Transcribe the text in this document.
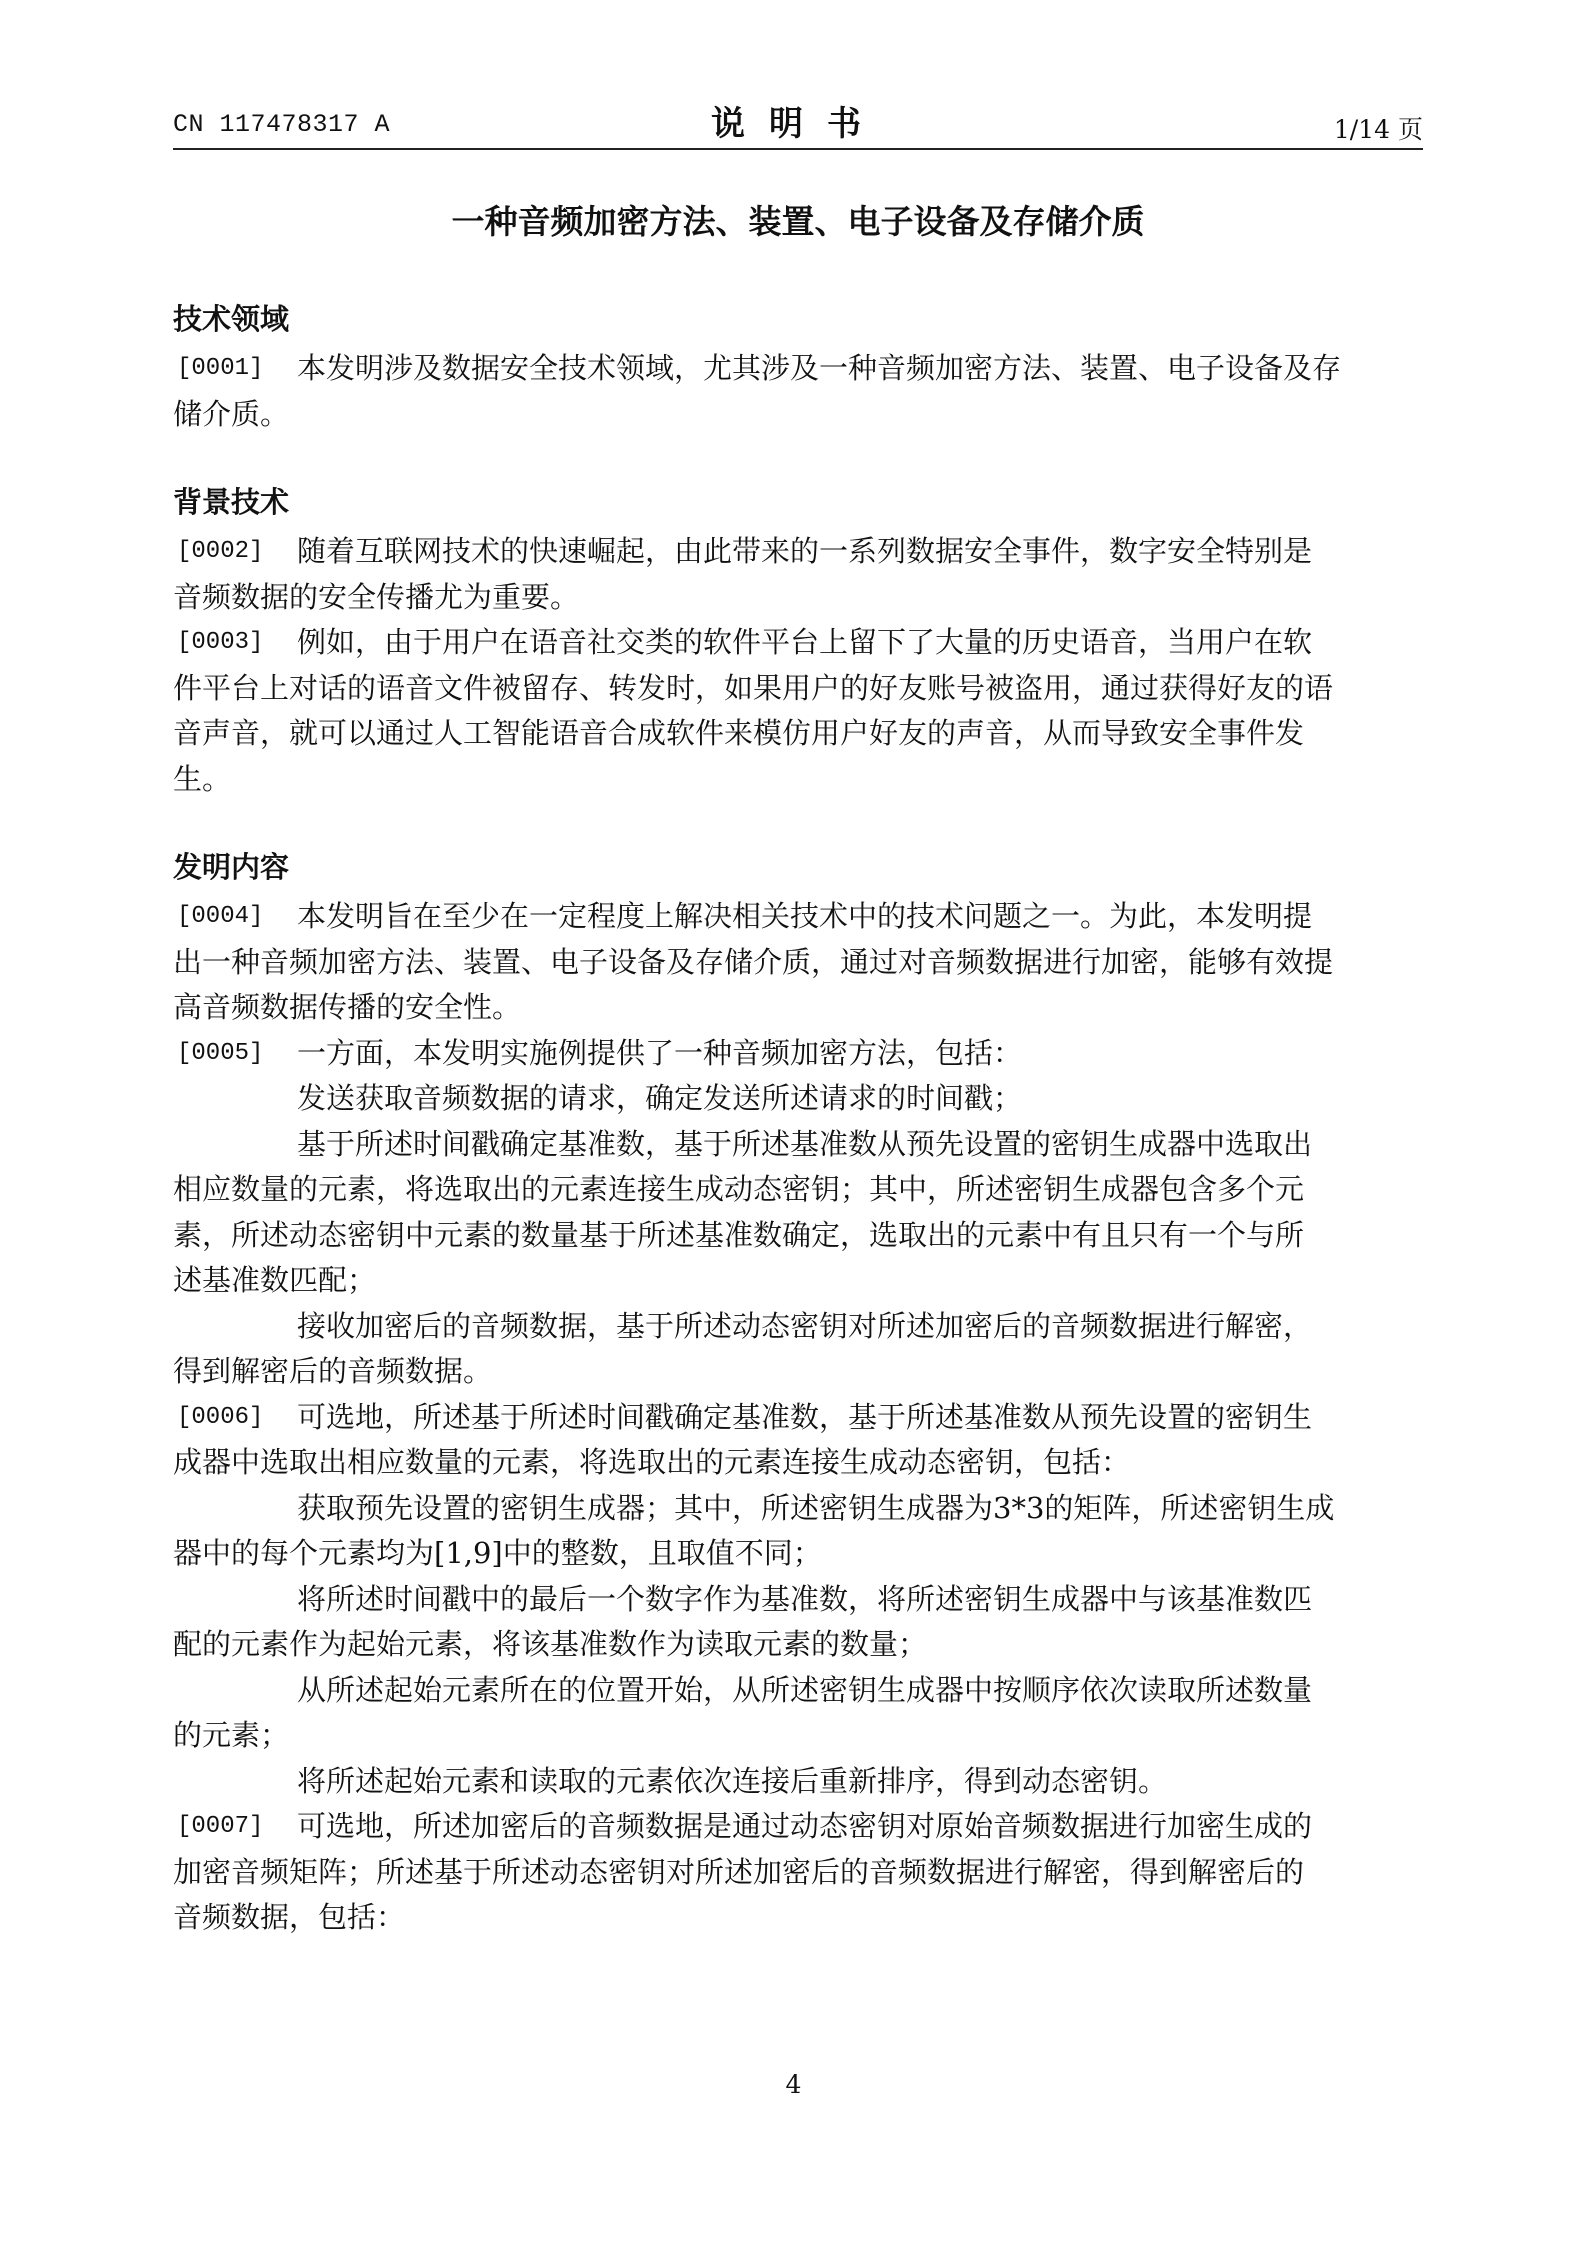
CN 117478317 A	说明书	1/14 页
一种音频加密方法、装置、电子设备及存储介质
技术领域
[0001]	本发明涉及数据安全技术领域，尤其涉及一种音频加密方法、装置、电子设备及存
储介质。
背景技术
[0002]	随着互联网技术的快速崛起，由此带来的一系列数据安全事件，数字安全特别是
音频数据的安全传播尤为重要。
[0003]	例如，由于用户在语音社交类的软件平台上留下了大量的历史语音，当用户在软
件平台上对话的语音文件被留存、转发时，如果用户的好友账号被盗用，通过获得好友的语
音声音，就可以通过人工智能语音合成软件来模仿用户好友的声音，从而导致安全事件发
生。
发明内容
[0004]	本发明旨在至少在一定程度上解决相关技术中的技术问题之一。为此，本发明提
出一种音频加密方法、装置、电子设备及存储介质，通过对音频数据进行加密，能够有效提
高音频数据传播的安全性。
[0005]	一方面，本发明实施例提供了一种音频加密方法，包括：
发送获取音频数据的请求，确定发送所述请求的时间戳；
基于所述时间戳确定基准数，基于所述基准数从预先设置的密钥生成器中选取出
相应数量的元素，将选取出的元素连接生成动态密钥；其中，所述密钥生成器包含多个元
素，所述动态密钥中元素的数量基于所述基准数确定，选取出的元素中有且只有一个与所
述基准数匹配；
接收加密后的音频数据，基于所述动态密钥对所述加密后的音频数据进行解密，
得到解密后的音频数据。
[0006]	可选地，所述基于所述时间戳确定基准数，基于所述基准数从预先设置的密钥生
成器中选取出相应数量的元素，将选取出的元素连接生成动态密钥，包括：
获取预先设置的密钥生成器；其中，所述密钥生成器为3*3的矩阵，所述密钥生成
器中的每个元素均为[1,9]中的整数，且取值不同；
将所述时间戳中的最后一个数字作为基准数，将所述密钥生成器中与该基准数匹
配的元素作为起始元素，将该基准数作为读取元素的数量；
从所述起始元素所在的位置开始，从所述密钥生成器中按顺序依次读取所述数量
的元素；
将所述起始元素和读取的元素依次连接后重新排序，得到动态密钥。
[0007]	可选地，所述加密后的音频数据是通过动态密钥对原始音频数据进行加密生成的
加密音频矩阵；所述基于所述动态密钥对所述加密后的音频数据进行解密，得到解密后的
音频数据，包括：
4
